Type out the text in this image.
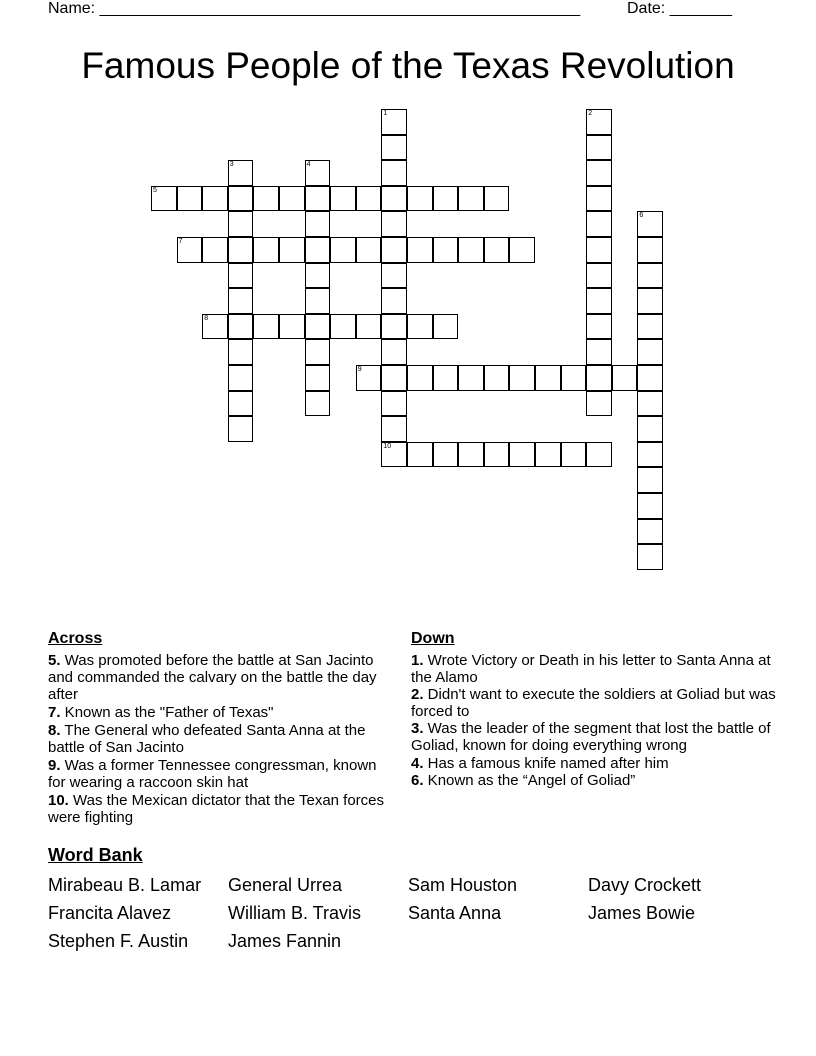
Name: ______________________________________________________	Date: _______
Famous People of the Texas Revolution
1	2
3	4
5
6
7
8
9
10
Across
5. Was promoted before the battle at San Jacinto and commanded the calvary on the battle the day after
7. Known as the "Father of Texas"
8. The General who defeated Santa Anna at the battle of San Jacinto
9. Was a former Tennessee congressman, known for wearing a raccoon skin hat
10. Was the Mexican dictator that the Texan forces were fighting
Down
1. Wrote Victory or Death in his letter to Santa Anna at the Alamo
2. Didn't want to execute the soldiers at Goliad but was forced to
3. Was the leader of the segment that lost the battle of Goliad, known for doing everything wrong
4. Has a famous knife named after him
6. Known as the “Angel of Goliad”
Word Bank
Mirabeau B. Lamar General Urrea	Sam Houston	Davy Crockett
Francita Alavez	William B. Travis	Santa Anna	James Bowie
Stephen F. Austin James Fannin
